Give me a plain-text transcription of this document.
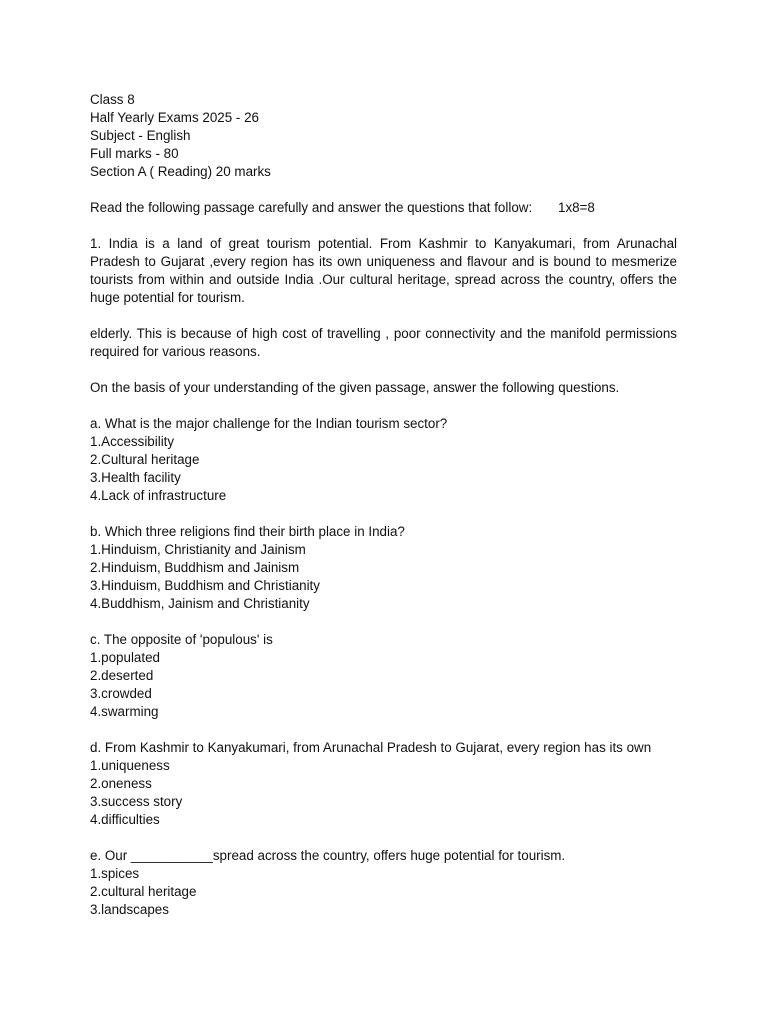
Class 8
Half Yearly Exams 2025 - 26
Subject - English
Full marks - 80
Section A ( Reading) 20 marks
Read the following passage carefully and answer the questions that follow: 1x8=8

1. India is a land of great tourism potential. From Kashmir to Kanyakumari, from Arunachal Pradesh to Gujarat ,every region has its own uniqueness and flavour and is bound to mesmerize tourists from within and outside India .Our cultural heritage, spread across the country, offers the huge potential for tourism.

elderly. This is because of high cost of travelling , poor connectivity and the manifold permissions required for various reasons.

On the basis of your understanding of the given passage, answer the following questions.
a. What is the major challenge for the Indian tourism sector?
1.Accessibility
2.Cultural heritage
3.Health facility
4.Lack of infrastructure
b. Which three religions find their birth place in India?
1.Hinduism, Christianity and Jainism
2.Hinduism, Buddhism and Jainism
3.Hinduism, Buddhism and Christianity
4.Buddhism, Jainism and Christianity
c. The opposite of 'populous' is
1.populated
2.deserted
3.crowded
4.swarming
d. From Kashmir to Kanyakumari, from Arunachal Pradesh to Gujarat, every region has its own
1.uniqueness
2.oneness
3.success story
4.difficulties
e. Our ___________spread across the country, offers huge potential for tourism.
1.spices
2.cultural heritage
3.landscapes
